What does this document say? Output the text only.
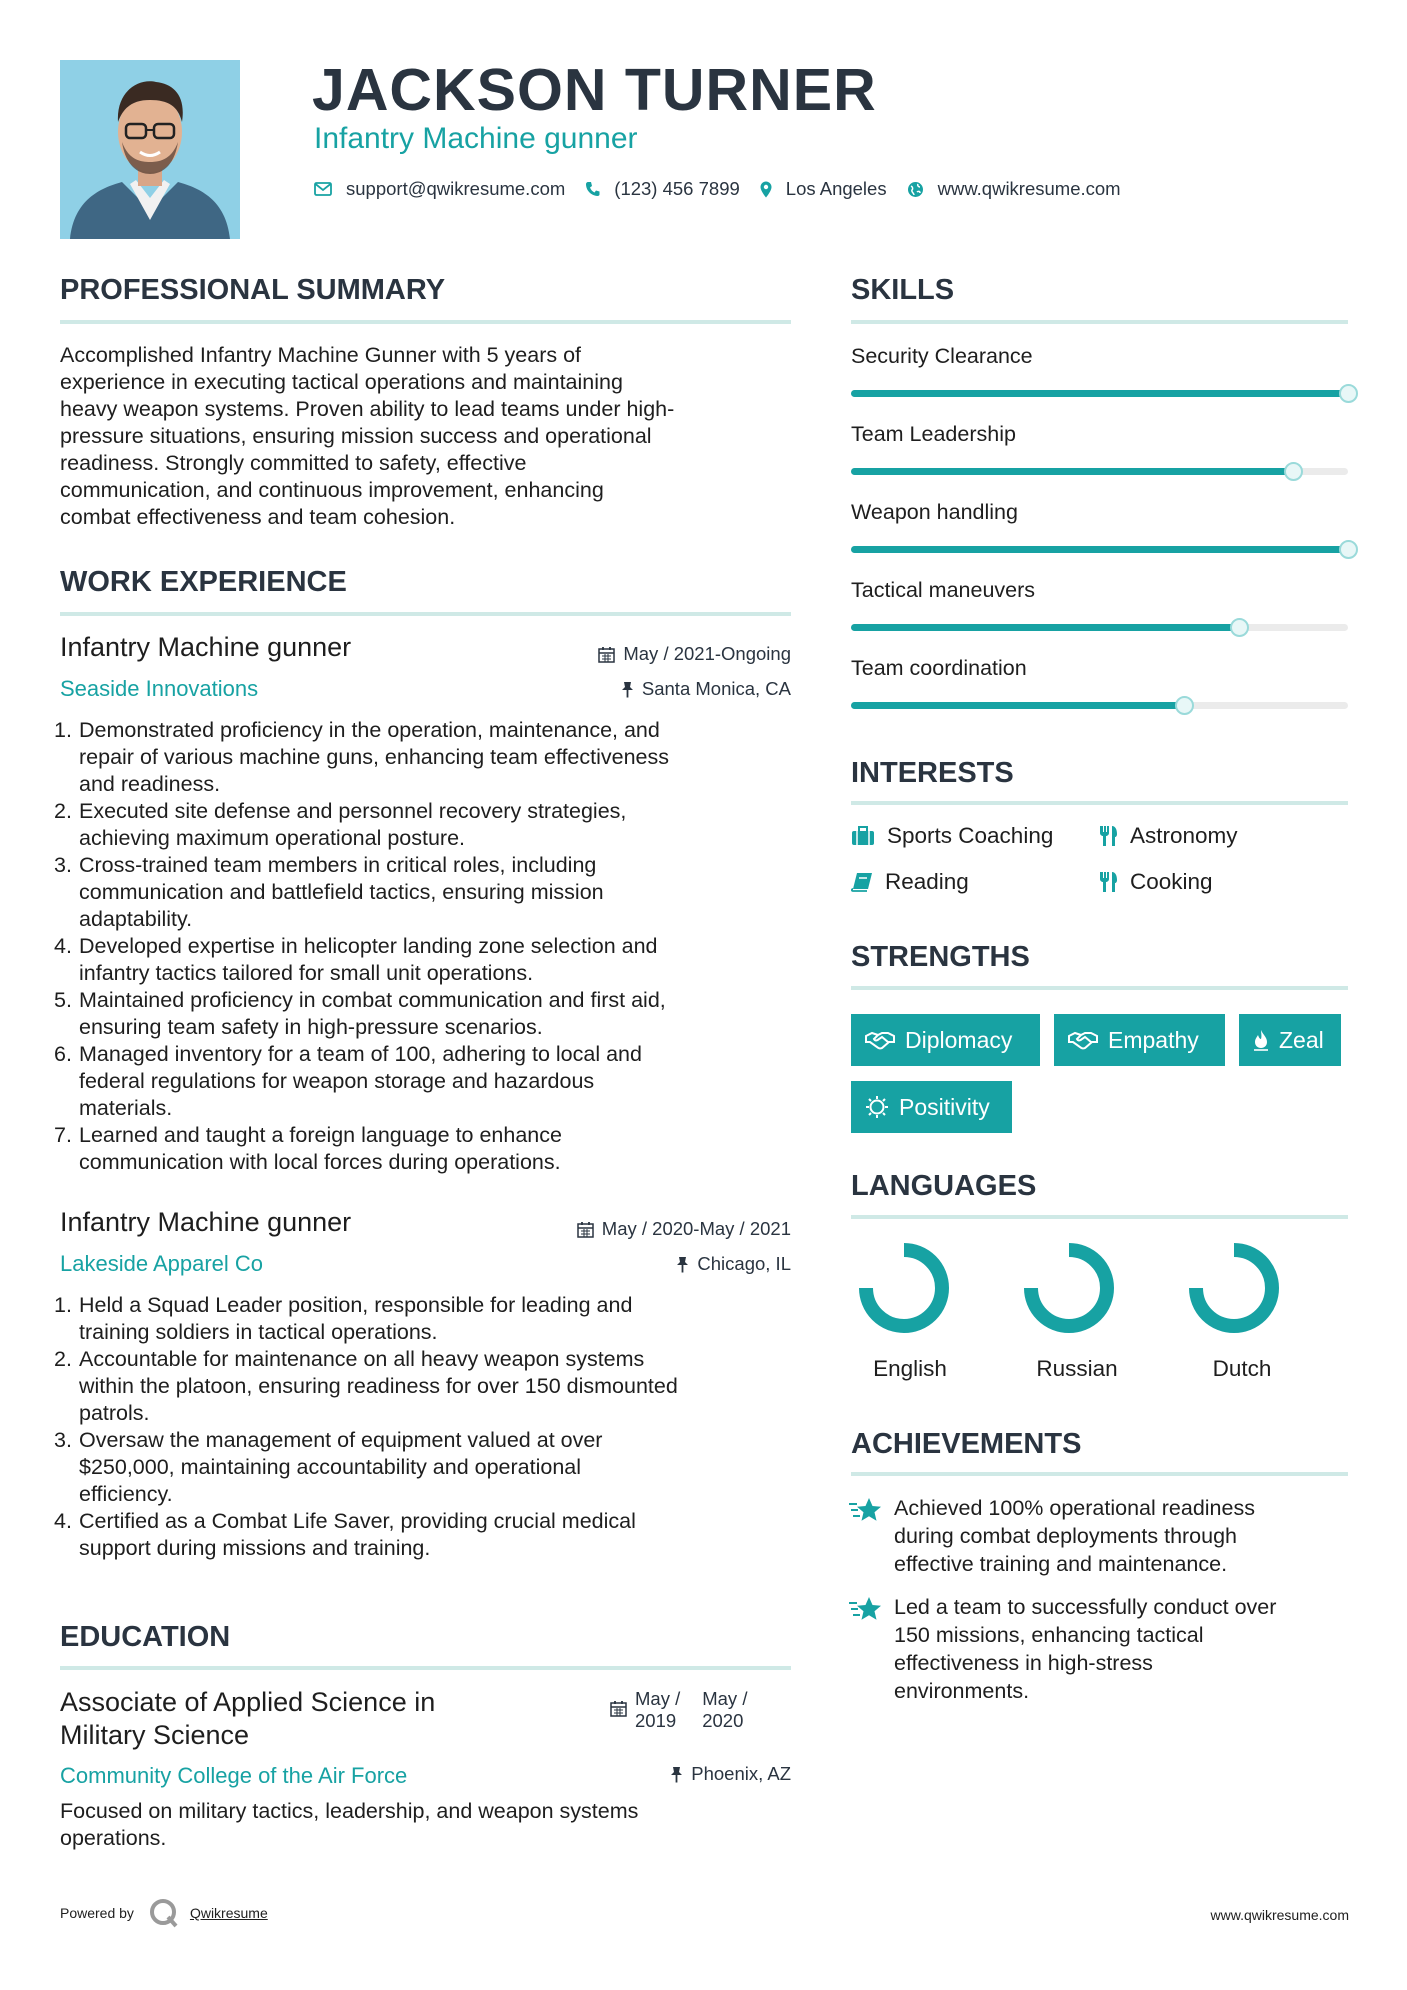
JACKSON TURNER
Infantry Machine gunner
support@qwikresume.com	(123) 456 7899 Los Angeles	www.qwikresume.com
PROFESSIONAL SUMMARY
Accomplished Infantry Machine Gunner with 5 years of
experience in executing tactical operations and maintaining
heavy weapon systems. Proven ability to lead teams under high-
pressure situations, ensuring mission success and operational
readiness. Strongly committed to safety, effective
communication, and continuous improvement, enhancing
combat effectiveness and team cohesion.
WORK EXPERIENCE
Infantry Machine gunner	May / 2021-Ongoing
Seaside Innovations	Santa Monica, CA
1. Demonstrated proficiency in the operation, maintenance, and
repair of various machine guns, enhancing team effectiveness
and readiness.
2. Executed site defense and personnel recovery strategies,
achieving maximum operational posture.
3. Cross-trained team members in critical roles, including
communication and battlefield tactics, ensuring mission
adaptability.
4. Developed expertise in helicopter landing zone selection and
infantry tactics tailored for small unit operations.
5. Maintained proficiency in combat communication and first aid,
ensuring team safety in high-pressure scenarios.
6. Managed inventory for a team of 100, adhering to local and
federal regulations for weapon storage and hazardous
materials.
7. Learned and taught a foreign language to enhance
communication with local forces during operations.
Infantry Machine gunner	May / 2020-May / 2021
Lakeside Apparel Co	Chicago, IL
1. Held a Squad Leader position, responsible for leading and
training soldiers in tactical operations.
2. Accountable for maintenance on all heavy weapon systems
within the platoon, ensuring readiness for over 150 dismounted
patrols.
3. Oversaw the management of equipment valued at over
$250,000, maintaining accountability and operational
efficiency.
4. Certified as a Combat Life Saver, providing crucial medical
support during missions and training.
EDUCATION
Associate of Applied Science in
Military Science
May /
2019
May /
2020
Community College of the Air Force	Phoenix, AZ
Focused on military tactics, leadership, and weapon systems
operations.
Powered by	Qwikresume	www.qwikresume.com
SKILLS
Security Clearance
Team Leadership
Weapon handling
Tactical maneuvers
Team coordination
INTERESTS
Sports Coaching	Astronomy
Reading	Cooking
STRENGTHS
Diplomacy	Empathy	Zeal
Positivity
LANGUAGES
English	Russian	Dutch
ACHIEVEMENTS
Achieved 100% operational readiness
during combat deployments through
effective training and maintenance.
Led a team to successfully conduct over
150 missions, enhancing tactical
effectiveness in high-stress
environments.
